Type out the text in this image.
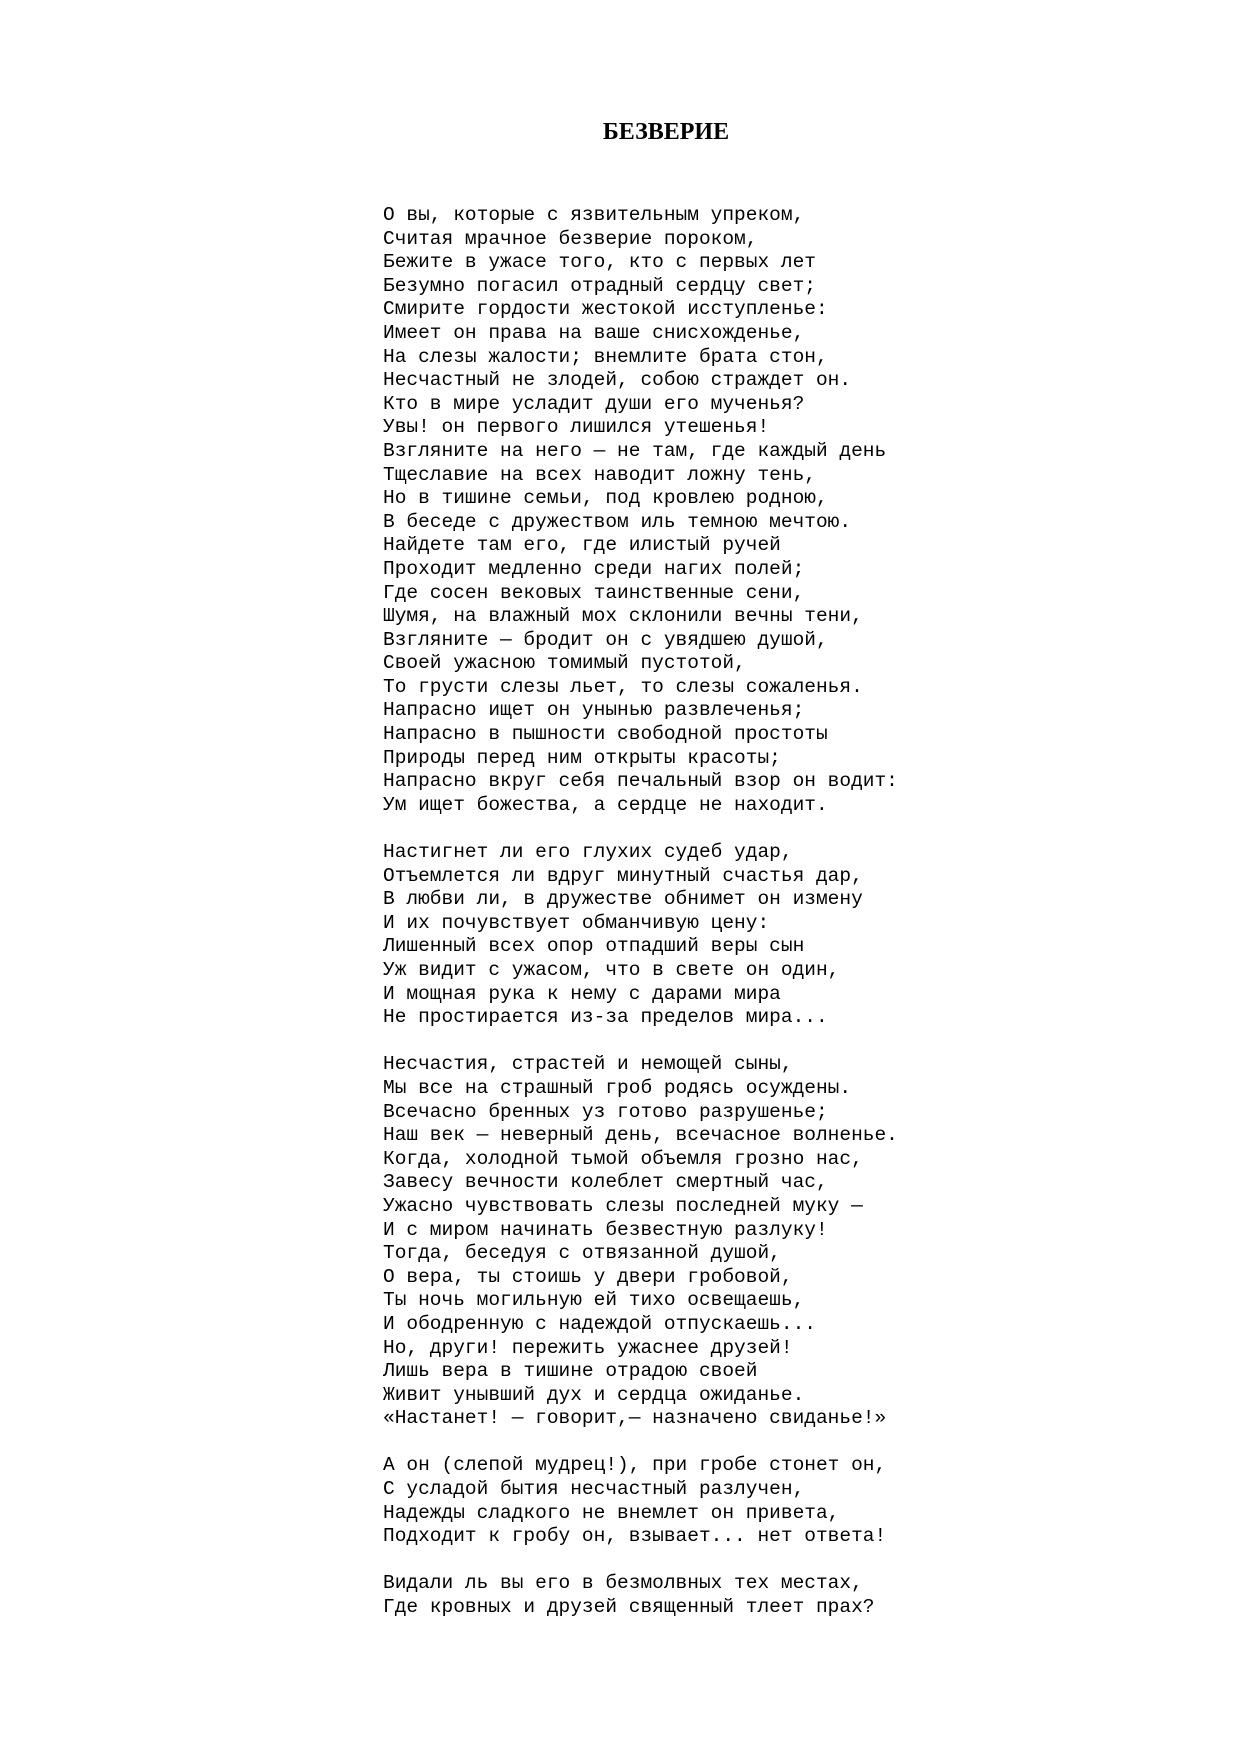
БЕЗВЕРИЕ
О вы, которые с язвительным упреком,
Считая мрачное безверие пороком,
Бежите в ужасе того, кто с первых лет
Безумно погасил отрадный сердцу свет;
Смирите гордости жестокой исступленье:
Имеет он права на ваше снисхожденье,
На слезы жалости; внемлите брата стон,
Несчастный не злодей, собою страждет он.
Кто в мире усладит души его мученья?
Увы! он первого лишился утешенья!
Взгляните на него — не там, где каждый день
Тщеславие на всех наводит ложну тень,
Но в тишине семьи, под кровлею родною,
В беседе с дружеством иль темною мечтою.
Найдете там его, где илистый ручей
Проходит медленно среди нагих полей;
Где сосен вековых таинственные сени,
Шумя, на влажный мох склонили вечны тени,
Взгляните — бродит он с увядшею душой,
Своей ужасною томимый пустотой,
То грусти слезы льет, то слезы сожаленья.
Напрасно ищет он унынью развлеченья;
Напрасно в пышности свободной простоты
Природы перед ним открыты красоты;
Напрасно вкруг себя печальный взор он водит:
Ум ищет божества, а сердце не находит.
Настигнет ли его глухих судеб удар,
Отъемлется ли вдруг минутный счастья дар,
В любви ли, в дружестве обнимет он измену
И их почувствует обманчивую цену:
Лишенный всех опор отпадший веры сын
Уж видит с ужасом, что в свете он один,
И мощная рука к нему с дарами мира
Не простирается из-за пределов мира...
Несчастия, страстей и немощей сыны,
Мы все на страшный гроб родясь осуждены.
Всечасно бренных уз готово разрушенье;
Наш век — неверный день, всечасное волненье.
Когда, холодной тьмой объемля грозно нас,
Завесу вечности колеблет смертный час,
Ужасно чувствовать слезы последней муку —
И с миром начинать безвестную разлуку!
Тогда, беседуя с отвязанной душой,
О вера, ты стоишь у двери гробовой,
Ты ночь могильную ей тихо освещаешь,
И ободренную с надеждой отпускаешь...
Но, други! пережить ужаснее друзей!
Лишь вера в тишине отрадою своей
Живит унывший дух и сердца ожиданье.
«Настанет! — говорит,— назначено свиданье!»
А он (слепой мудрец!), при гробе стонет он,
С усладой бытия несчастный разлучен,
Надежды сладкого не внемлет он привета,
Подходит к гробу он, взывает... нет ответа!
Видали ль вы его в безмолвных тех местах,
Где кровных и друзей священный тлеет прах?
